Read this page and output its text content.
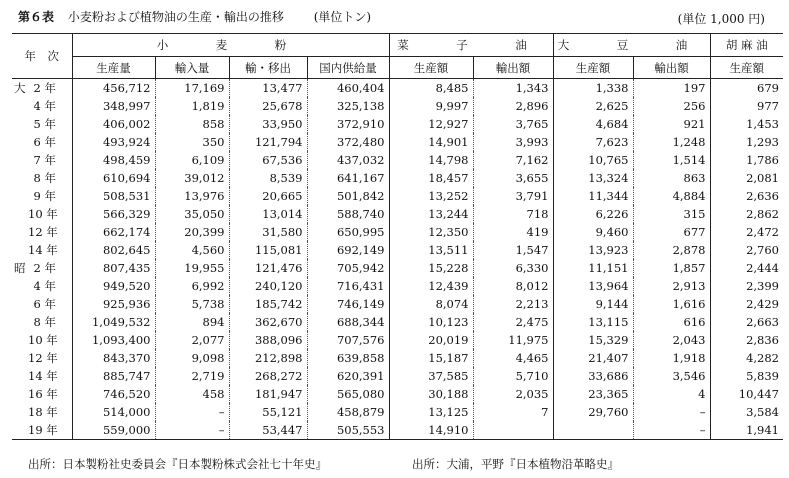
第６表 小麦粉および植物油の生産・輸出の推移 (単位トン)	(単位 1,000 円)
年　次	小　麦　粉				菜　子　油		大　豆　油		胡 麻 油
	生産量	輸入量	輸・移出	国内供給量	生産額	輸出額	生産額	輸出額	生産額
大 2 年	456,712	17,169	13,477	460,404	8,485	1,343	1,338	197	679
4 年	348,997	1,819	25,678	325,138	9,997	2,896	2,625	256	977
5 年	406,002	858	33,950	372,910	12,927	3,765	4,684	921	1,453
6 年	493,924	350	121,794	372,480	14,901	3,993	7,623	1,248	1,293
7 年	498,459	6,109	67,536	437,032	14,798	7,162	10,765	1,514	1,786
8 年	610,694	39,012	8,539	641,167	18,457	3,655	13,324	863	2,081
9 年	508,531	13,976	20,665	501,842	13,252	3,791	11,344	4,884	2,636
10 年	566,329	35,050	13,014	588,740	13,244	718	6,226	315	2,862
12 年	662,174	20,399	31,580	650,995	12,350	419	9,460	677	2,472
14 年	802,645	4,560	115,081	692,149	13,511	1,547	13,923	2,878	2,760
昭 2 年	807,435	19,955	121,476	705,942	15,228	6,330	11,151	1,857	2,444
4 年	949,520	6,992	240,120	716,431	12,439	8,012	13,964	2,913	2,399
6 年	925,936	5,738	185,742	746,149	8,074	2,213	9,144	1,616	2,429
8 年	1,049,532	894	362,670	688,344	10,123	2,475	13,115	616	2,663
10 年	1,093,400	2,077	388,096	707,576	20,019	11,975	15,329	2,043	2,836
12 年	843,370	9,098	212,898	639,858	15,187	4,465	21,407	1,918	4,282
14 年	885,747	2,719	268,272	620,391	37,585	5,710	33,686	3,546	5,839
16 年	746,520	458	181,947	565,080	30,188	2,035	23,365	4	10,447
18 年	514,000	–	55,121	458,879	13,125	7	29,760	–	3,584
19 年	559,000	–	53,447	505,553	14,910			–	1,941
出所：日本製粉社史委員会『日本製粉株式会社七十年史』	出所：大浦，平野『日本植物沿革略史』
